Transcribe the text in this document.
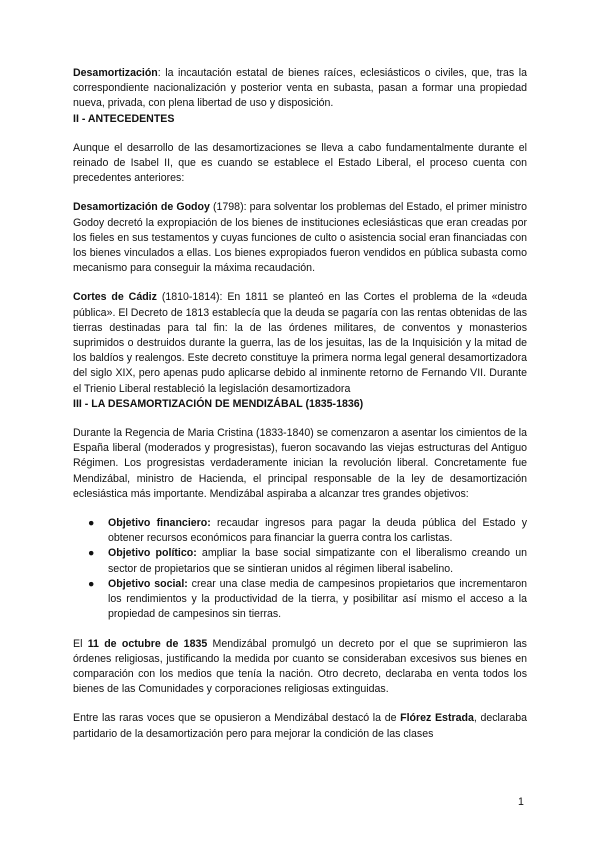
Desamortización: la incautación estatal de bienes raíces, eclesiásticos o civiles, que, tras la correspondiente nacionalización y posterior venta en subasta, pasan a formar una propiedad nueva, privada, con plena libertad de uso y disposición.

II - ANTECEDENTES

Aunque el desarrollo de las desamortizaciones se lleva a cabo fundamentalmente durante el reinado de Isabel II, que es cuando se establece el Estado Liberal, el proceso cuenta con precedentes anteriores:

Desamortización de Godoy (1798): para solventar los problemas del Estado, el primer ministro Godoy decretó la expropiación de los bienes de instituciones eclesiásticas que eran creadas por los fieles en sus testamentos y cuyas funciones de culto o asistencia social eran financiadas con los bienes vinculados a ellas. Los bienes expropiados fueron vendidos en pública subasta como mecanismo para conseguir la máxima recaudación.

Cortes de Cádiz (1810-1814): En 1811 se planteó en las Cortes el problema de la «deuda pública». El Decreto de 1813 establecía que la deuda se pagaría con las rentas obtenidas de las tierras destinadas para tal fin: la de las órdenes militares, de conventos y monasterios suprimidos o destruidos durante la guerra, las de los jesuitas, las de la Inquisición y la mitad de los baldíos y realengos. Este decreto constituye la primera norma legal general desamortizadora del siglo XIX, pero apenas pudo aplicarse debido al inminente retorno de Fernando VII. Durante el Trienio Liberal restableció la legislación desamortizadora

III - LA DESAMORTIZACIÓN DE MENDIZÁBAL (1835-1836)

Durante la Regencia de Maria Cristina (1833-1840) se comenzaron a asentar los cimientos de la España liberal (moderados y progresistas), fueron socavando las viejas estructuras del Antiguo Régimen. Los progresistas verdaderamente inician la revolución liberal. Concretamente fue Mendizábal, ministro de Hacienda, el principal responsable de la ley de desamortización eclesiástica más importante. Mendizábal aspiraba a alcanzar tres grandes objetivos:

● Objetivo financiero: recaudar ingresos para pagar la deuda pública del Estado y obtener recursos económicos para financiar la guerra contra los carlistas.
● Objetivo político: ampliar la base social simpatizante con el liberalismo creando un sector de propietarios que se sintieran unidos al régimen liberal isabelino.
● Objetivo social: crear una clase media de campesinos propietarios que incrementaron los rendimientos y la productividad de la tierra, y posibilitar así mismo el acceso a la propiedad de campesinos sin tierras.

El 11 de octubre de 1835 Mendizábal promulgó un decreto por el que se suprimieron las órdenes religiosas, justificando la medida por cuanto se consideraban excesivos sus bienes en comparación con los medios que tenía la nación. Otro decreto, declaraba en venta todos los bienes de las Comunidades y corporaciones religiosas extinguidas.

Entre las raras voces que se opusieron a Mendizábal destacó la de Flórez Estrada, declaraba partidario de la desamortización pero para mejorar la condición de las clases

1
